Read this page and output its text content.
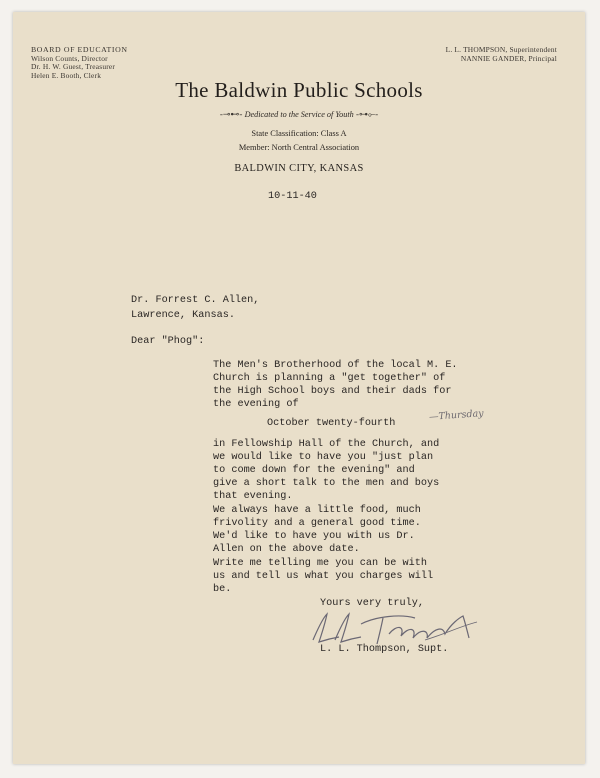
BOARD OF EDUCATION
Wilson Counts, Director
Dr. H. W. Guest, Treasurer
Helen E. Booth, Clerk
L. L. THOMPSON, Superintendent
NANNIE GANDER, Principal
The Baldwin Public Schools
-⊸⊷- Dedicated to the Service of Youth -⊶⟜-
State Classification: Class A
Member: North Central Association
BALDWIN CITY, KANSAS
10-11-40
Dr. Forrest C. Allen,
Lawrence, Kansas.
Dear "Phog":

The Men's Brotherhood of the local M. E.

Church is planning a "get together" of

the High School boys and their dads for

the evening of

October twenty-fourth
—Thursday

in Fellowship Hall of the Church, and

we would like to have you "just plan

to come down for the evening" and

give a short talk to the men and boys

that evening.

We always have a little food, much

frivolity and a general good time.

We'd like to have you with us Dr.

Allen on the above date.

Write me telling me you can be with

us and tell us what you charges will

be.

Yours very truly,
L. L. Thompson, Supt.
